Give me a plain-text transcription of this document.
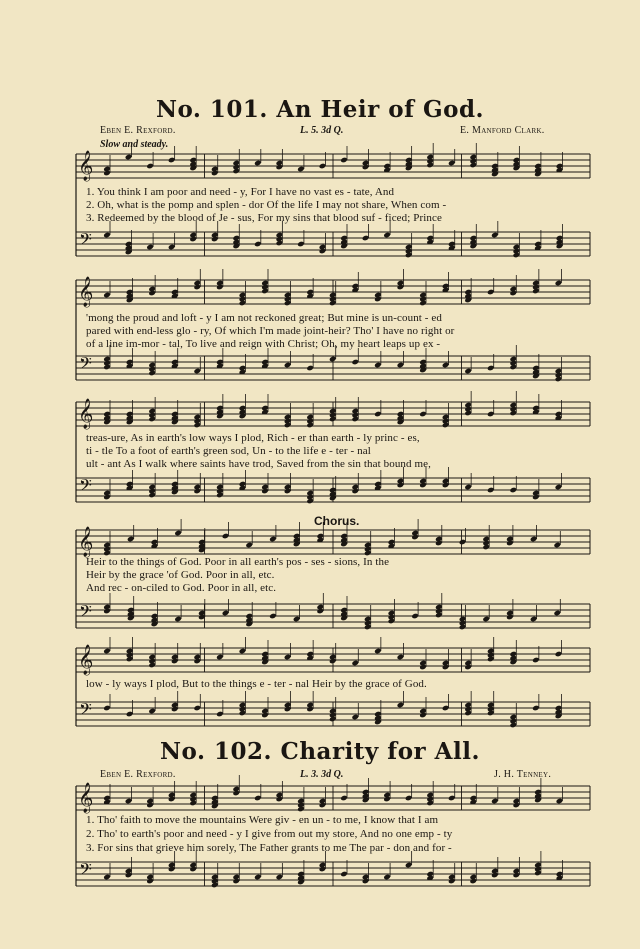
𝄞
𝄢
𝄞
𝄢
𝄞
𝄢
𝄞
𝄢
𝄞
𝄢
𝄞
𝄢
No. 101. An Heir of God.
Eben E. Rexford.	L. 5. 3d Q.	E. Manford Clark.
Slow and steady.
1. You think I am poor and need - y, For I have no vast es - tate, And
2. Oh, what is the pomp and splen - dor Of the life I may not share, When com -
3. Redeemed by the blood of Je - sus, For my sins that blood suf - ficed; Prince
'mong the proud and loft - y I am not reckoned great; But mine is un-count - ed
pared with end-less glo - ry, Of which I'm made joint-heir? Tho' I have no right or
of a line im-mor - tal, To live and reign with Christ; Oh, my heart leaps up ex -
treas-ure, As in earth's low ways I plod, Rich - er than earth - ly princ - es,
ti - tle To a foot of earth's green sod, Un - to the life e - ter - nal
ult - ant As I walk where saints have trod, Saved from the sin that bound me,
Chorus.
Heir to the things of God. Poor in all earth's pos - ses - sions, In the
Heir by the grace 'of God. Poor in all, etc.
And rec - on-ciled to God. Poor in all, etc.
low - ly ways I plod, But to the things e - ter - nal Heir by the grace of God.
No. 102. Charity for All.
Eben E. Rexford.	L. 3. 3d Q.	J. H. Tenney.
1. Tho' faith to move the mountains Were giv - en un - to me, I know that I am
2. Tho' to earth's poor and need - y I give from out my store, And no one emp - ty
3. For sins that grieve him sorely, The Father grants to me The par - don and for -
